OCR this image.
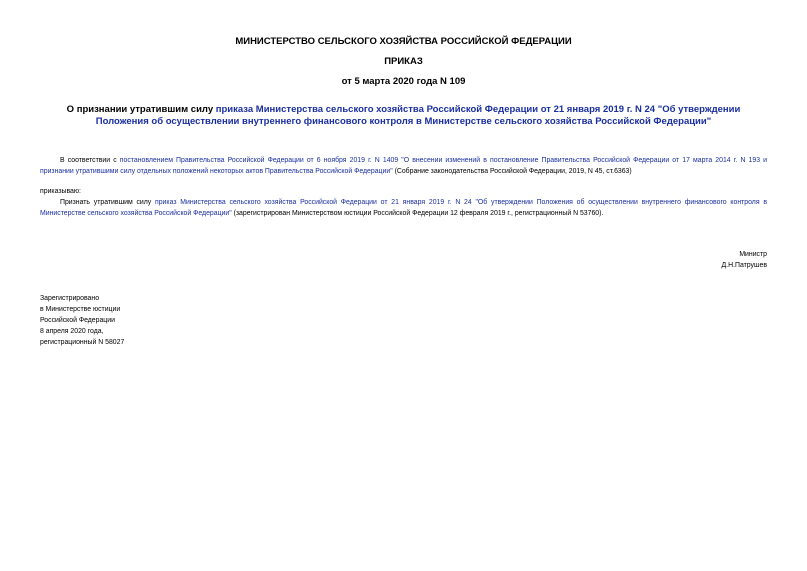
МИНИСТЕРСТВО СЕЛЬСКОГО ХОЗЯЙСТВА РОССИЙСКОЙ ФЕДЕРАЦИИ
ПРИКАЗ
от 5 марта 2020 года N 109
О признании утратившим силу приказа Министерства сельского хозяйства Российской Федерации от 21 января 2019 г. N 24 "Об утверждении Положения об осуществлении внутреннего финансового контроля в Министерстве сельского хозяйства Российской Федерации"
В соответствии с постановлением Правительства Российской Федерации от 6 ноября 2019 г. N 1409 "О внесении изменений в постановление Правительства Российской Федерации от 17 марта 2014 г. N 193 и признании утратившими силу отдельных положений некоторых актов Правительства Российской Федерации" (Собрание законодательства Российской Федерации, 2019, N 45, ст.6363)
приказываю:
Признать утратившим силу приказ Министерства сельского хозяйства Российской Федерации от 21 января 2019 г. N 24 "Об утверждении Положения об осуществлении внутреннего финансового контроля в Министерстве сельского хозяйства Российской Федерации" (зарегистрирован Министерством юстиции Российской Федерации 12 февраля 2019 г., регистрационный N 53760).
Министр
Д.Н.Патрушев
Зарегистрировано
в Министерстве юстиции
Российской Федерации
8 апреля 2020 года,
регистрационный N 58027
